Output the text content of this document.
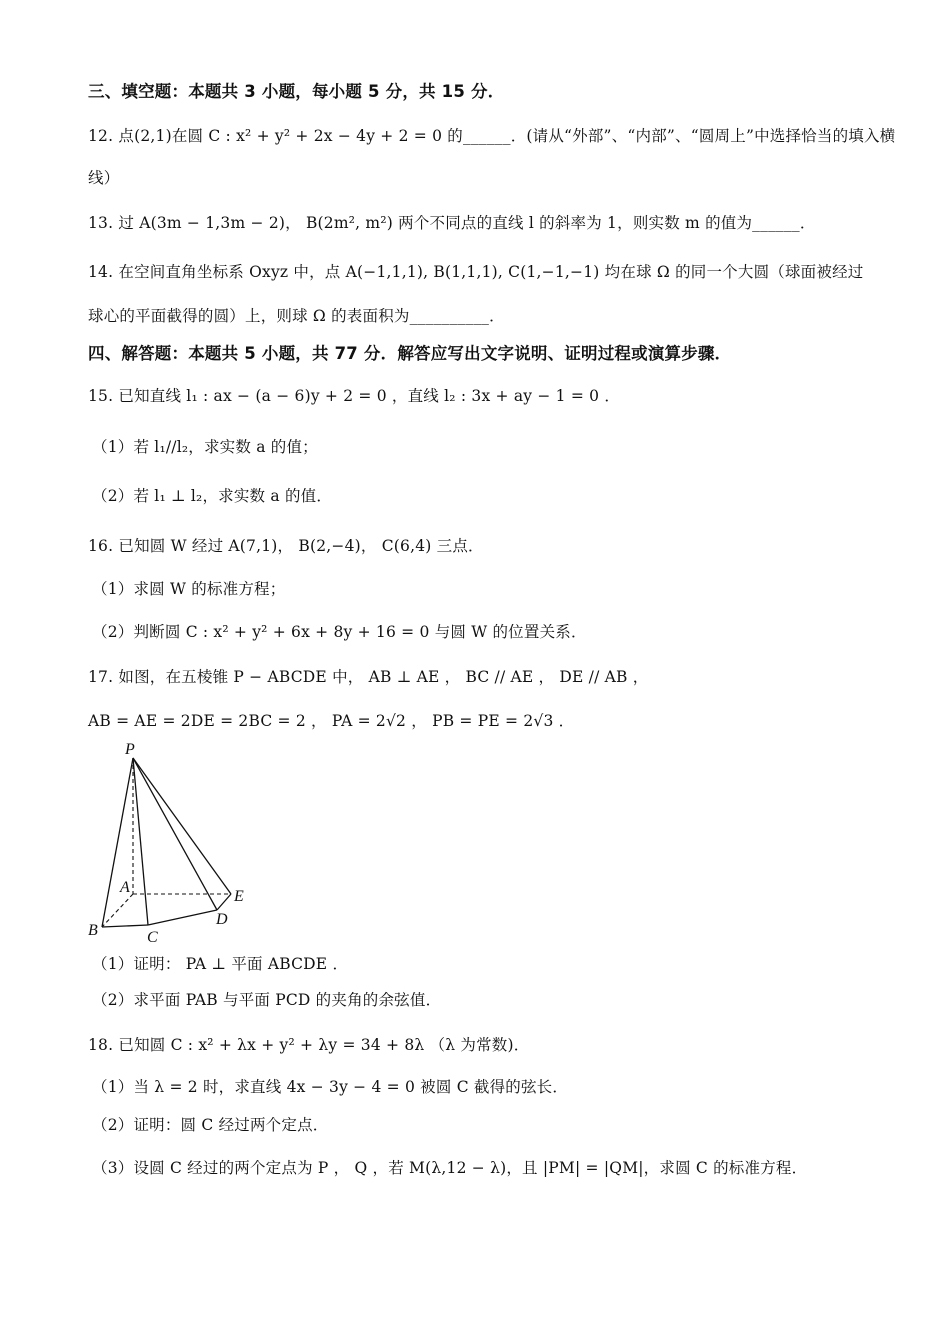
三、填空题：本题共 3 小题，每小题 5 分，共 15 分．
12. 点(2,1)在圆 C : x² + y² + 2x − 4y + 2 = 0 的______．(请从“外部”、“内部”、“圆周上”中选择恰当的填入横
线）
13. 过 A(3m − 1,3m − 2)， B(2m², m²) 两个不同点的直线 l 的斜率为 1，则实数 m 的值为______．
14. 在空间直角坐标系 Oxyz 中，点 A(−1,1,1), B(1,1,1), C(1,−1,−1) 均在球 Ω 的同一个大圆（球面被经过
球心的平面截得的圆）上，则球 Ω 的表面积为__________．
四、解答题：本题共 5 小题，共 77 分．解答应写出文字说明、证明过程或演算步骤．
15. 已知直线 l₁ : ax − (a − 6)y + 2 = 0 ，直线 l₂ : 3x + ay − 1 = 0 ．
（1）若 l₁//l₂，求实数 a 的值；
（2）若 l₁ ⊥ l₂，求实数 a 的值．
16. 已知圆 W 经过 A(7,1)， B(2,−4)， C(6,4) 三点．
（1）求圆 W 的标准方程；
（2）判断圆 C : x² + y² + 6x + 8y + 16 = 0 与圆 W 的位置关系．
17. 如图，在五棱锥 P − ABCDE 中， AB ⊥ AE ， BC // AE ， DE // AB ，
AB = AE = 2DE = 2BC = 2 ， PA = 2√2 ， PB = PE = 2√3 ．
P
A
B	C
D
E
（1）证明： PA ⊥ 平面 ABCDE ．
（2）求平面 PAB 与平面 PCD 的夹角的余弦值．
18. 已知圆 C : x² + λx + y² + λy = 34 + 8λ （λ 为常数)．
（1）当 λ = 2 时，求直线 4x − 3y − 4 = 0 被圆 C 截得的弦长．
（2）证明：圆 C 经过两个定点．
（3）设圆 C 经过的两个定点为 P ， Q ，若 M(λ,12 − λ)，且 |PM| = |QM|，求圆 C 的标准方程．
